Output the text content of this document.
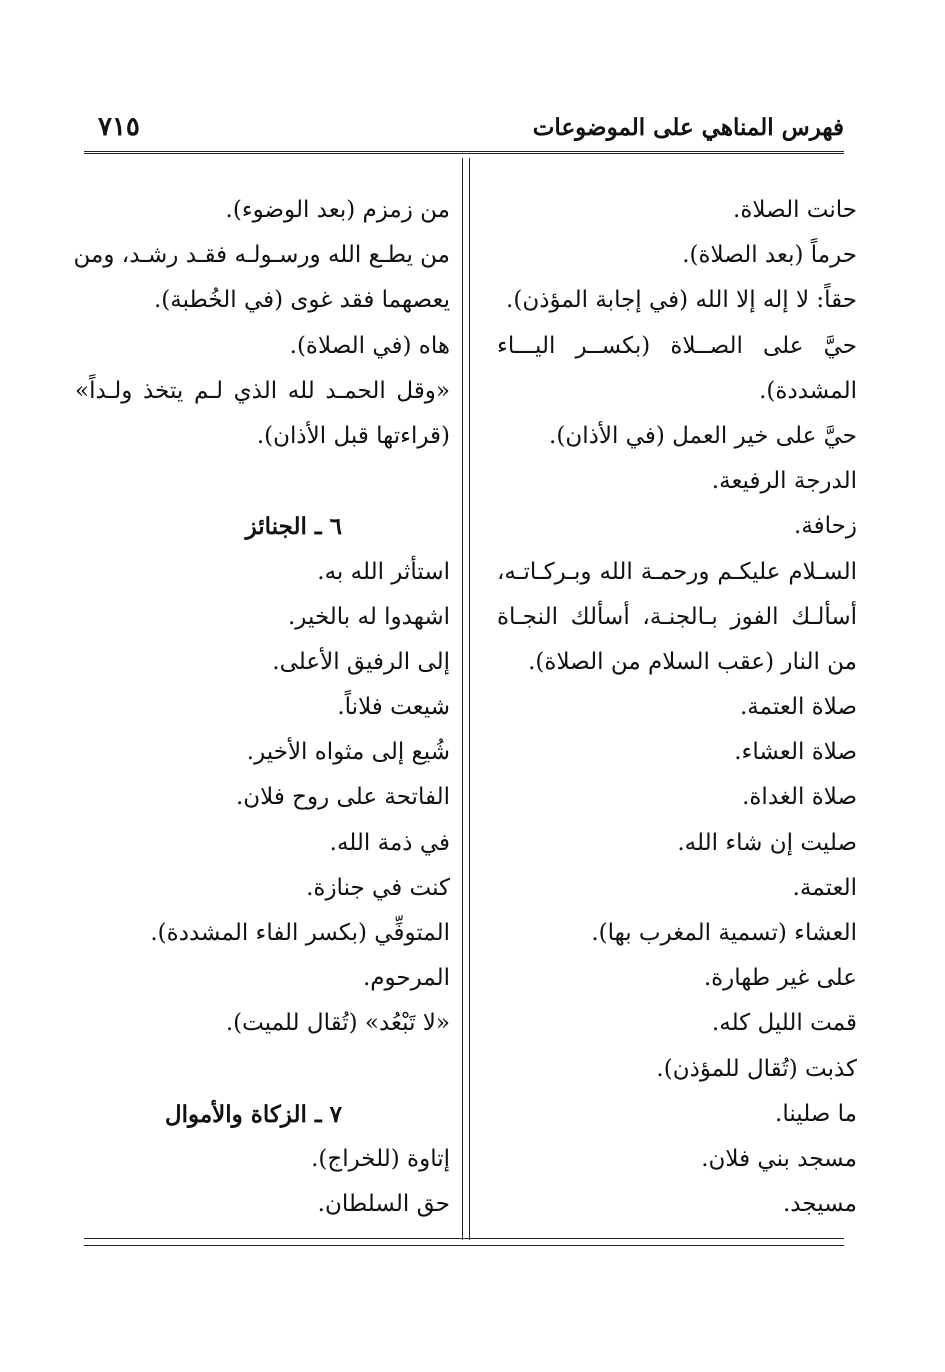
فهرس المناهي على الموضوعات
٧١٥
حانت الصلاة.
حرماً (بعد الصلاة).
حقاً: لا إله إلا الله (في إجابة المؤذن).
حيَّ على الصــلاة (بكســر اليـــاء
المشددة).
حيَّ على خير العمل (في الأذان).
الدرجة الرفيعة.
زحافة.
السـلام عليكـم ورحمـة الله وبـركـاتـه،
أسألـك الفوز بـالجنـة، أسألك النجـاة
من النار (عقب السلام من الصلاة).
صلاة العتمة.
صلاة العشاء.
صلاة الغداة.
صليت إن شاء الله.
العتمة.
العشاء (تسمية المغرب بها).
على غير طهارة.
قمت الليل كله.
كذبت (تُقال للمؤذن).
ما صلينا.
مسجد بني فلان.
مسيجد.
من زمزم (بعد الوضوء).
من يطـع الله ورسـولـه فقـد رشـد، ومن
يعصهما فقد غوى (في الخُطبة).
هاه (في الصلاة).
«وقل الحمـد لله الذي لـم يتخذ ولـداً»
(قراءتها قبل الأذان).
٦ ـ الجنائز
استأثر الله به.
اشهدوا له بالخير.
إلى الرفيق الأعلى.
شيعت فلاناً.
شُيع إلى مثواه الأخير.
الفاتحة على روح فلان.
في ذمة الله.
كنت في جنازة.
المتوفِّي (بكسر الفاء المشددة).
المرحوم.
«لا تَبْعُد» (تُقال للميت).
٧ ـ الزكاة والأموال
إتاوة (للخراج).
حق السلطان.
